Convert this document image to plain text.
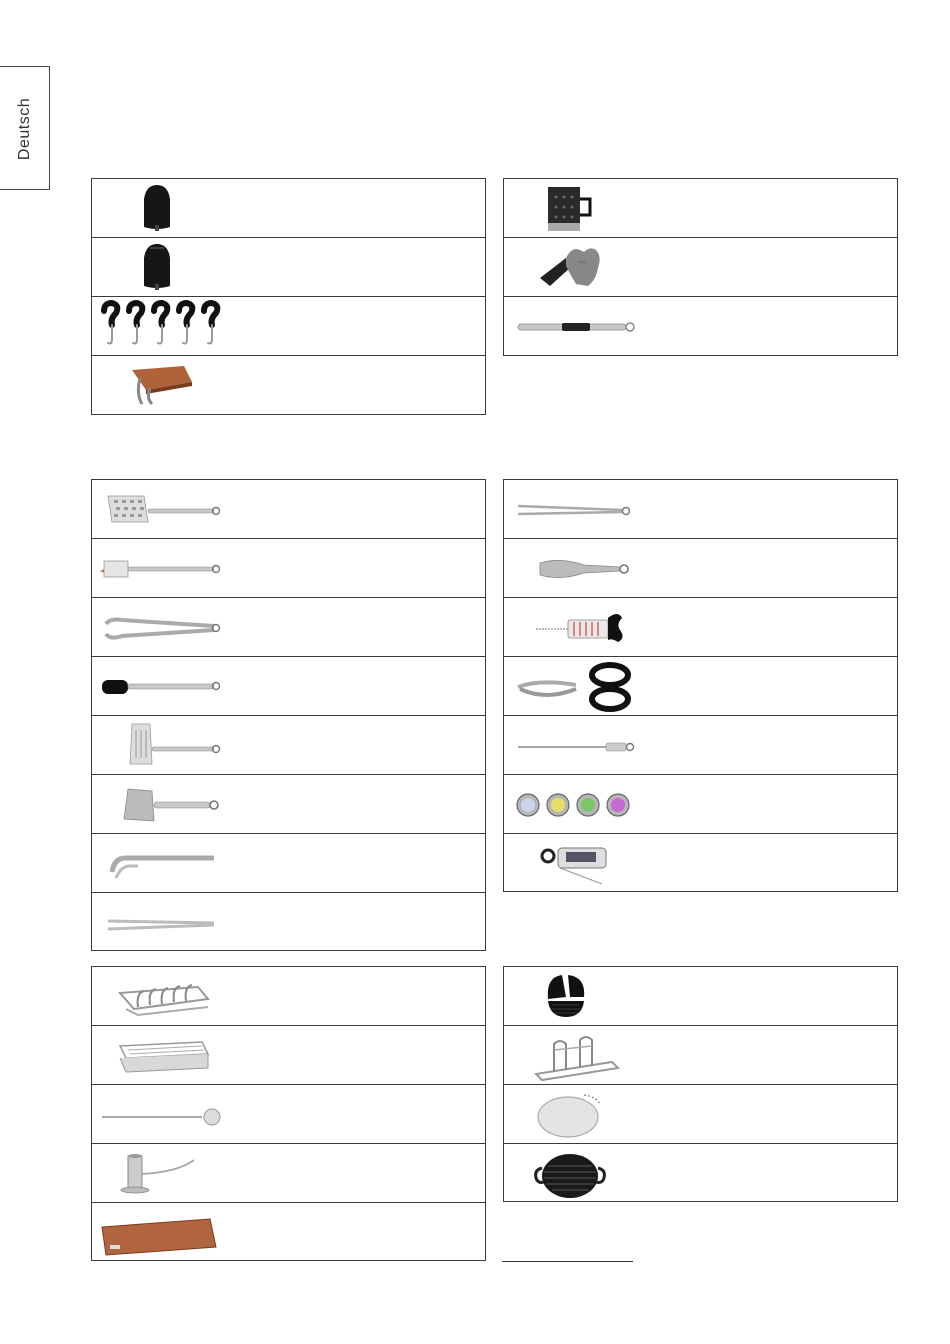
Deutsch
